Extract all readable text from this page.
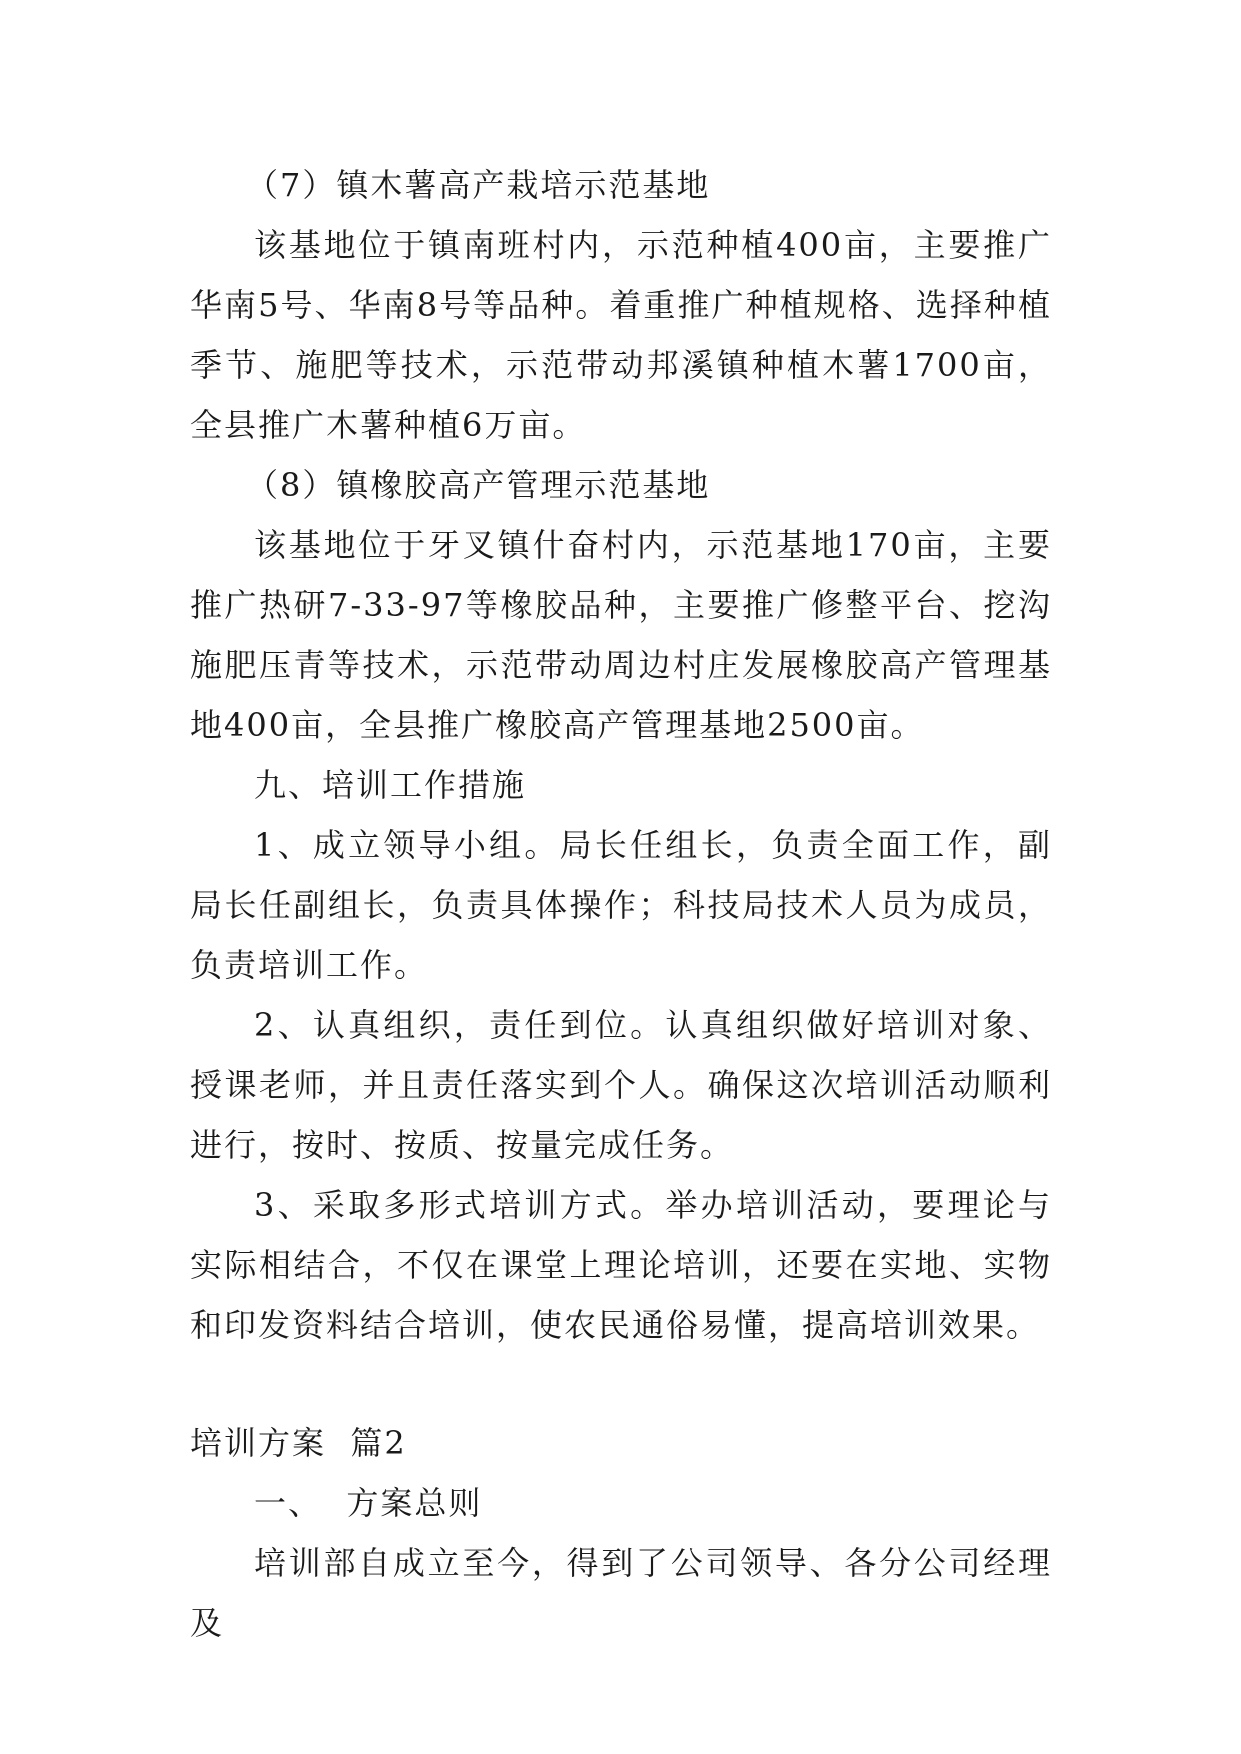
（7）镇木薯高产栽培示范基地

该基地位于镇南班村内，示范种植400亩，主要推广华南5号、华南8号等品种。着重推广种植规格、选择种植季节、施肥等技术，示范带动邦溪镇种植木薯1700亩，全县推广木薯种植6万亩。

（8）镇橡胶高产管理示范基地

该基地位于牙叉镇什奋村内，示范基地170亩，主要推广热研7-33-97等橡胶品种，主要推广修整平台、挖沟施肥压青等技术，示范带动周边村庄发展橡胶高产管理基地400亩，全县推广橡胶高产管理基地2500亩。

九、培训工作措施

1、成立领导小组。局长任组长，负责全面工作，副局长任副组长，负责具体操作；科技局技术人员为成员，负责培训工作。

2、认真组织，责任到位。认真组织做好培训对象、授课老师，并且责任落实到个人。确保这次培训活动顺利进行，按时、按质、按量完成任务。

3、采取多形式培训方式。举办培训活动，要理论与实际相结合，不仅在课堂上理论培训，还要在实地、实物和印发资料结合培训，使农民通俗易懂，提高培训效果。

培训方案  篇2

一、  方案总则

培训部自成立至今，得到了公司领导、各分公司经理及
